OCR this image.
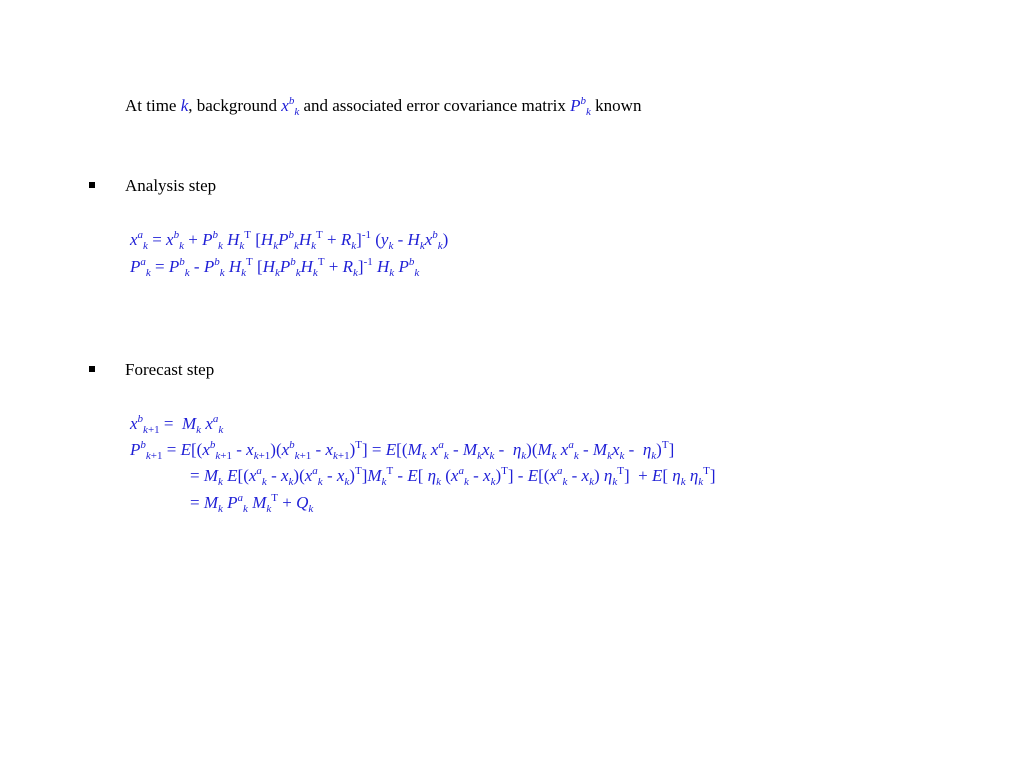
At time k, background $x^b_k$ and associated error covariance matrix $P^b_k$ known
Analysis step
$x^a_k = x^b_k + P^b_k$ $H_k^T$ $[H_kP^b_kH_k^T + R_k]^{-1}$ $(y_k - H_kx^b_k)$
$P^a_k = P^b_k - P^b_k$ $H_k^T$ $[H_kP^b_kH_k^T + R_k]^{-1}$ $H_k$ $P^b_k$
Forecast step
$x^b_{k+1} = M_k$ $x^a_k$
$P^b_{k+1} = E[(x^b_{k+1} - x_{k+1})(x^b_{k+1} - x_{k+1})^T] = E[(M_k$ $x^a_k - M_kx_k - \eta_k)(M_k$ $x^a_k - M_kx_k - \eta_k)^T$]
= $M_k$ $E[(x^a_k - x_k)(x^a_k - x_k)^T]M_k^T - E$[ $\eta_k$ $(x^a_k - x_k)^T] - E[(x^a_k - x_k) \eta_k^T] + E$[ $\eta_k$ $\eta_k^T$]
= $M_k$ $P^a_k$ $M_k^T + Q_k$
